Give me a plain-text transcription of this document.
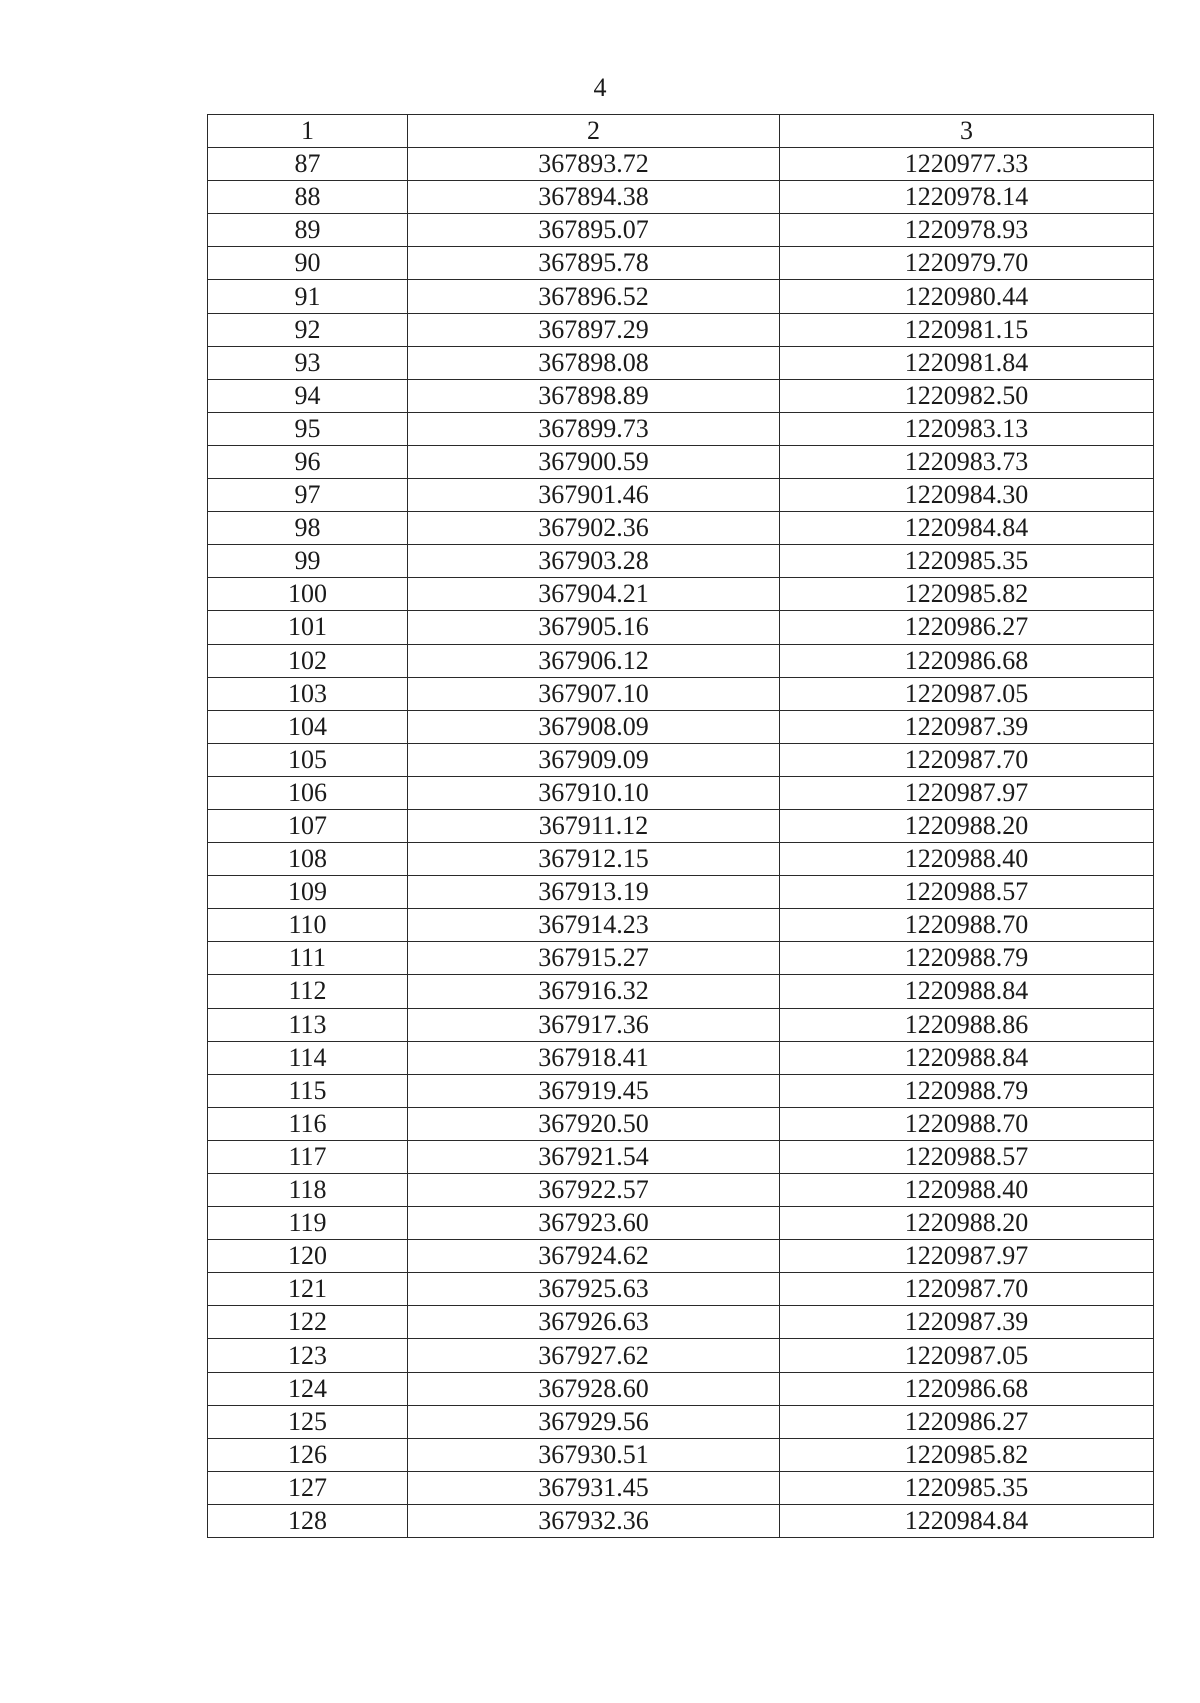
4
1	2	3
87	367893.72	1220977.33
88	367894.38	1220978.14
89	367895.07	1220978.93
90	367895.78	1220979.70
91	367896.52	1220980.44
92	367897.29	1220981.15
93	367898.08	1220981.84
94	367898.89	1220982.50
95	367899.73	1220983.13
96	367900.59	1220983.73
97	367901.46	1220984.30
98	367902.36	1220984.84
99	367903.28	1220985.35
100	367904.21	1220985.82
101	367905.16	1220986.27
102	367906.12	1220986.68
103	367907.10	1220987.05
104	367908.09	1220987.39
105	367909.09	1220987.70
106	367910.10	1220987.97
107	367911.12	1220988.20
108	367912.15	1220988.40
109	367913.19	1220988.57
110	367914.23	1220988.70
111	367915.27	1220988.79
112	367916.32	1220988.84
113	367917.36	1220988.86
114	367918.41	1220988.84
115	367919.45	1220988.79
116	367920.50	1220988.70
117	367921.54	1220988.57
118	367922.57	1220988.40
119	367923.60	1220988.20
120	367924.62	1220987.97
121	367925.63	1220987.70
122	367926.63	1220987.39
123	367927.62	1220987.05
124	367928.60	1220986.68
125	367929.56	1220986.27
126	367930.51	1220985.82
127	367931.45	1220985.35
128	367932.36	1220984.84
